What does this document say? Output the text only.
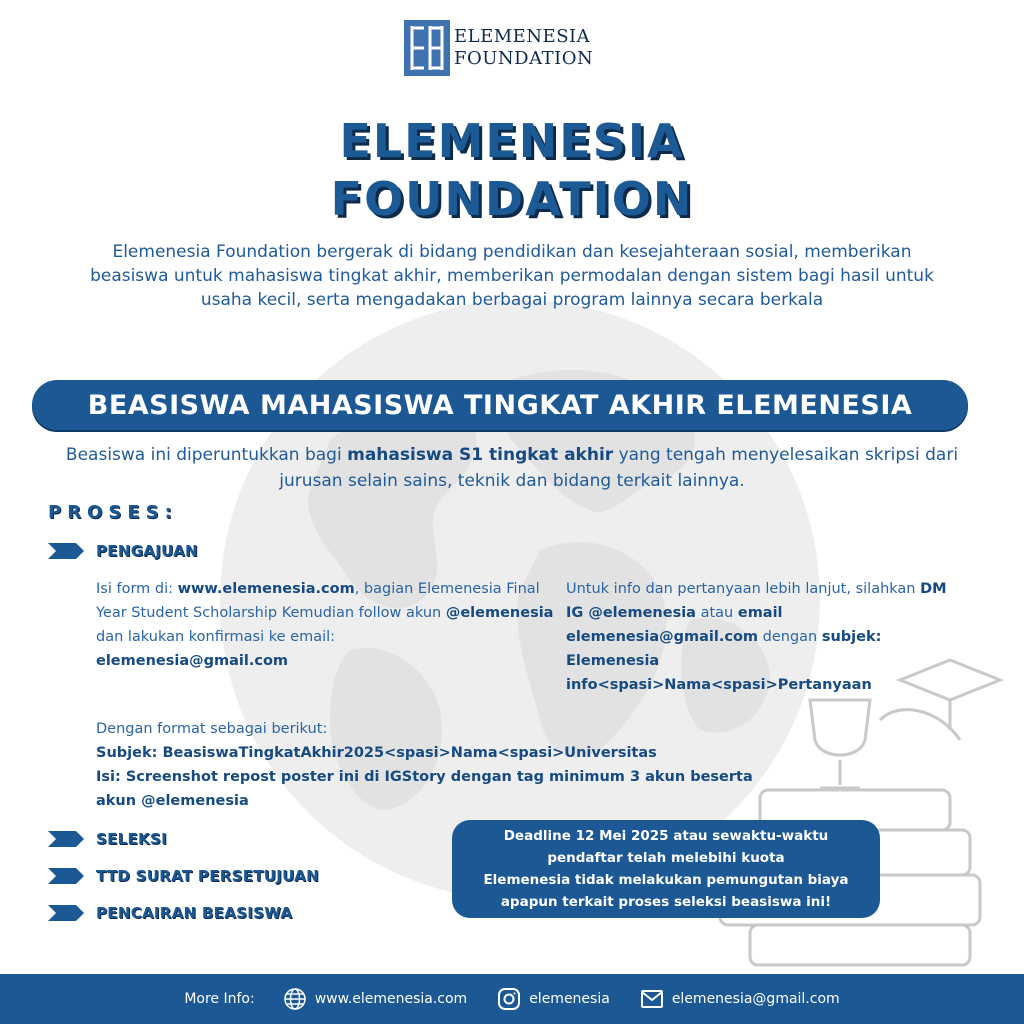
ELEMENESIA
FOUNDATION
ELEMENESIA
FOUNDATION
Elemenesia Foundation bergerak di bidang pendidikan dan kesejahteraan sosial, memberikan beasiswa untuk mahasiswa tingkat akhir, memberikan permodalan dengan sistem bagi hasil untuk usaha kecil, serta mengadakan berbagai program lainnya secara berkala
BEASISWA MAHASISWA TINGKAT AKHIR ELEMENESIA
Beasiswa ini diperuntukkan bagi mahasiswa S1 tingkat akhir yang tengah menyelesaikan skripsi dari jurusan selain sains, teknik dan bidang terkait lainnya.
PROSES:
PENGAJUAN
Isi form di: www.elemenesia.com, bagian Elemenesia Final Year Student Scholarship Kemudian follow akun @elemenesia dan lakukan konfirmasi ke email:
elemenesia@gmail.com
Untuk info dan pertanyaan lebih lanjut, silahkan DM IG @elemenesia atau email elemenesia@gmail.com dengan subjek: Elemenesia info<spasi>Nama<spasi>Pertanyaan
Dengan format sebagai berikut:
Subjek: BeasiswaTingkatAkhir2025<spasi>Nama<spasi>Universitas
Isi: Screenshot repost poster ini di IGStory dengan tag minimum 3 akun beserta akun @elemenesia
SELEKSI
TTD SURAT PERSETUJUAN
PENCAIRAN BEASISWA
Deadline 12 Mei 2025 atau sewaktu-waktu
pendaftar telah melebihi kuota
Elemenesia tidak melakukan pemungutan biaya
apapun terkait proses seleksi beasiswa ini!
More Info:	www.elemenesia.com	elemenesia	elemenesia@gmail.com
